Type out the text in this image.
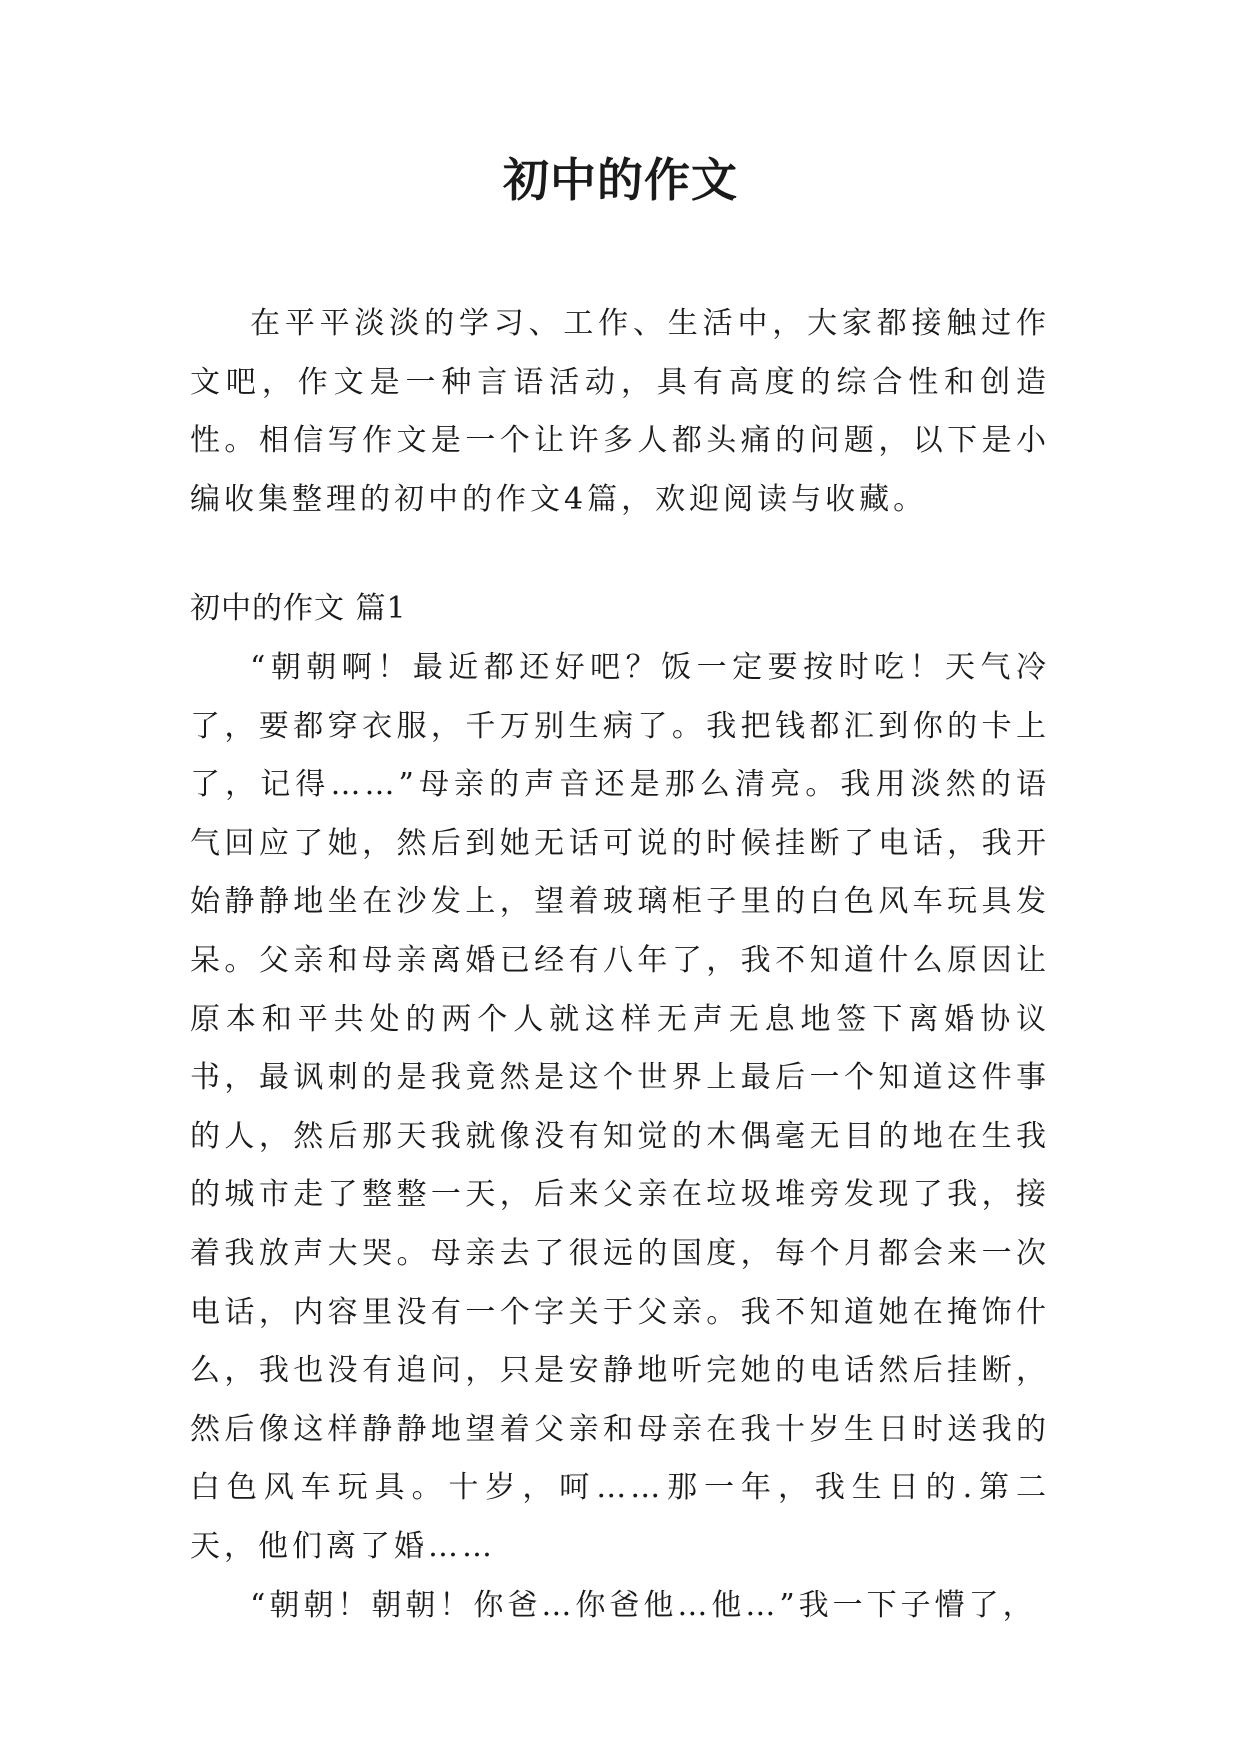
初中的作文

在平平淡淡的学习、工作、生活中，大家都接触过作文吧，作文是一种言语活动，具有高度的综合性和创造性。相信写作文是一个让许多人都头痛的问题，以下是小编收集整理的初中的作文4篇，欢迎阅读与收藏。

初中的作文 篇1

“朝朝啊！最近都还好吧？饭一定要按时吃！天气冷了，要都穿衣服，千万别生病了。我把钱都汇到你的卡上了，记得……”母亲的声音还是那么清亮。我用淡然的语气回应了她，然后到她无话可说的时候挂断了电话，我开始静静地坐在沙发上，望着玻璃柜子里的白色风车玩具发呆。父亲和母亲离婚已经有八年了，我不知道什么原因让原本和平共处的两个人就这样无声无息地签下离婚协议书，最讽刺的是我竟然是这个世界上最后一个知道这件事的人，然后那天我就像没有知觉的木偶毫无目的地在生我的城市走了整整一天，后来父亲在垃圾堆旁发现了我，接着我放声大哭。母亲去了很远的国度，每个月都会来一次电话，内容里没有一个字关于父亲。我不知道她在掩饰什么，我也没有追问，只是安静地听完她的电话然后挂断，然后像这样静静地望着父亲和母亲在我十岁生日时送我的白色风车玩具。十岁，呵……那一年，我生日的.第二天，他们离了婚……

“朝朝！朝朝！你爸…你爸他…他…”我一下子懵了，
